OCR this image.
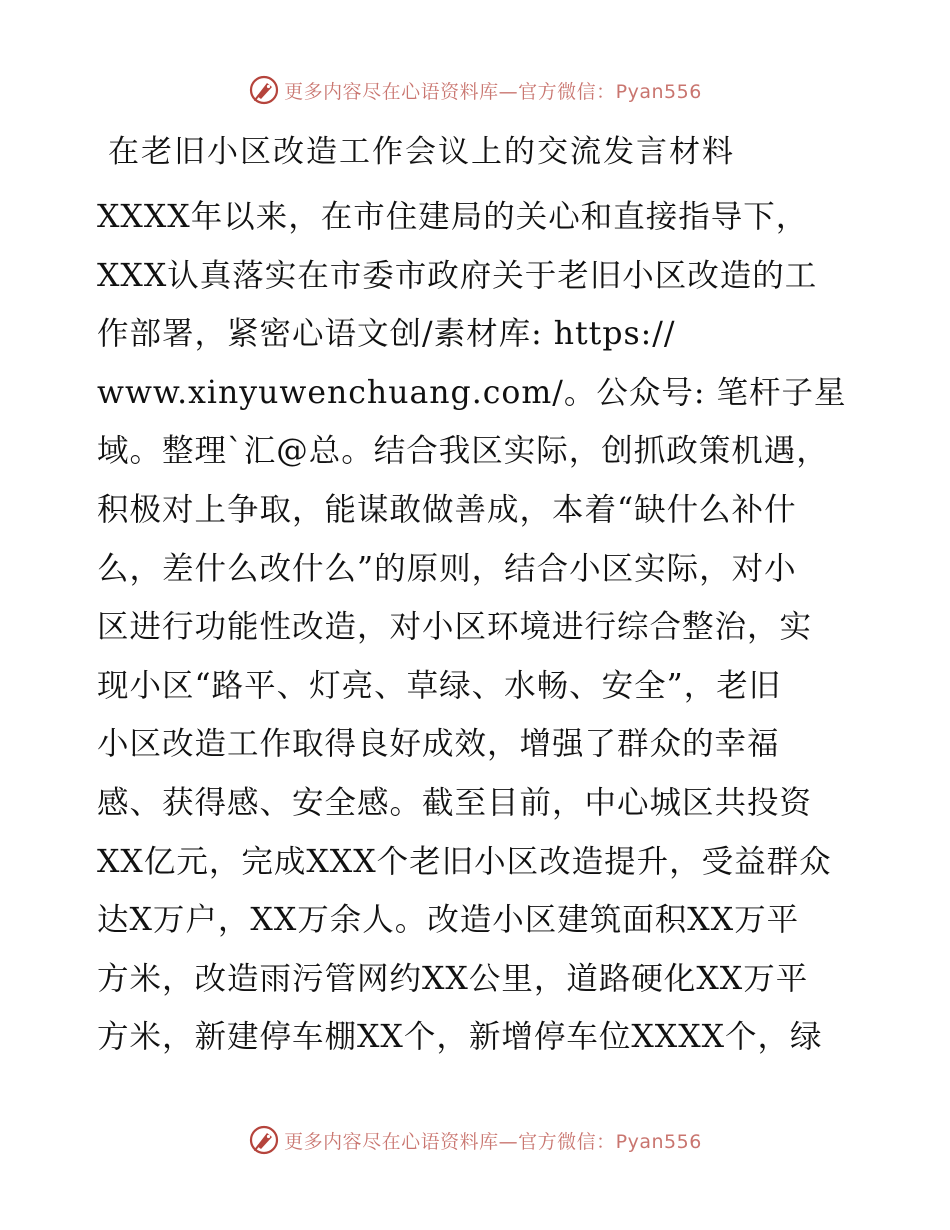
更多内容尽在心语资料库—官方微信：Pyan556
在老旧小区改造工作会议上的交流发言材料
XXXX年以来，在市住建局的关心和直接指导下，
XXX认真落实在市委市政府关于老旧小区改造的工
作部署，紧密心语文创/素材库: https://
www.xinyuwenchuang.com/。公众号: 笔杆子星
域。整理`汇@总。结合我区实际，创抓政策机遇，
积极对上争取，能谋敢做善成，本着“缺什么补什
么，差什么改什么”的原则，结合小区实际，对小
区进行功能性改造，对小区环境进行综合整治，实
现小区“路平、灯亮、草绿、水畅、安全”，老旧
小区改造工作取得良好成效，增强了群众的幸福
感、获得感、安全感。截至目前，中心城区共投资
XX亿元，完成XXX个老旧小区改造提升，受益群众
达X万户，XX万余人。改造小区建筑面积XX万平
方米，改造雨污管网约XX公里，道路硬化XX万平
方米，新建停车棚XX个，新增停车位XXXX个，绿
更多内容尽在心语资料库—官方微信：Pyan556
